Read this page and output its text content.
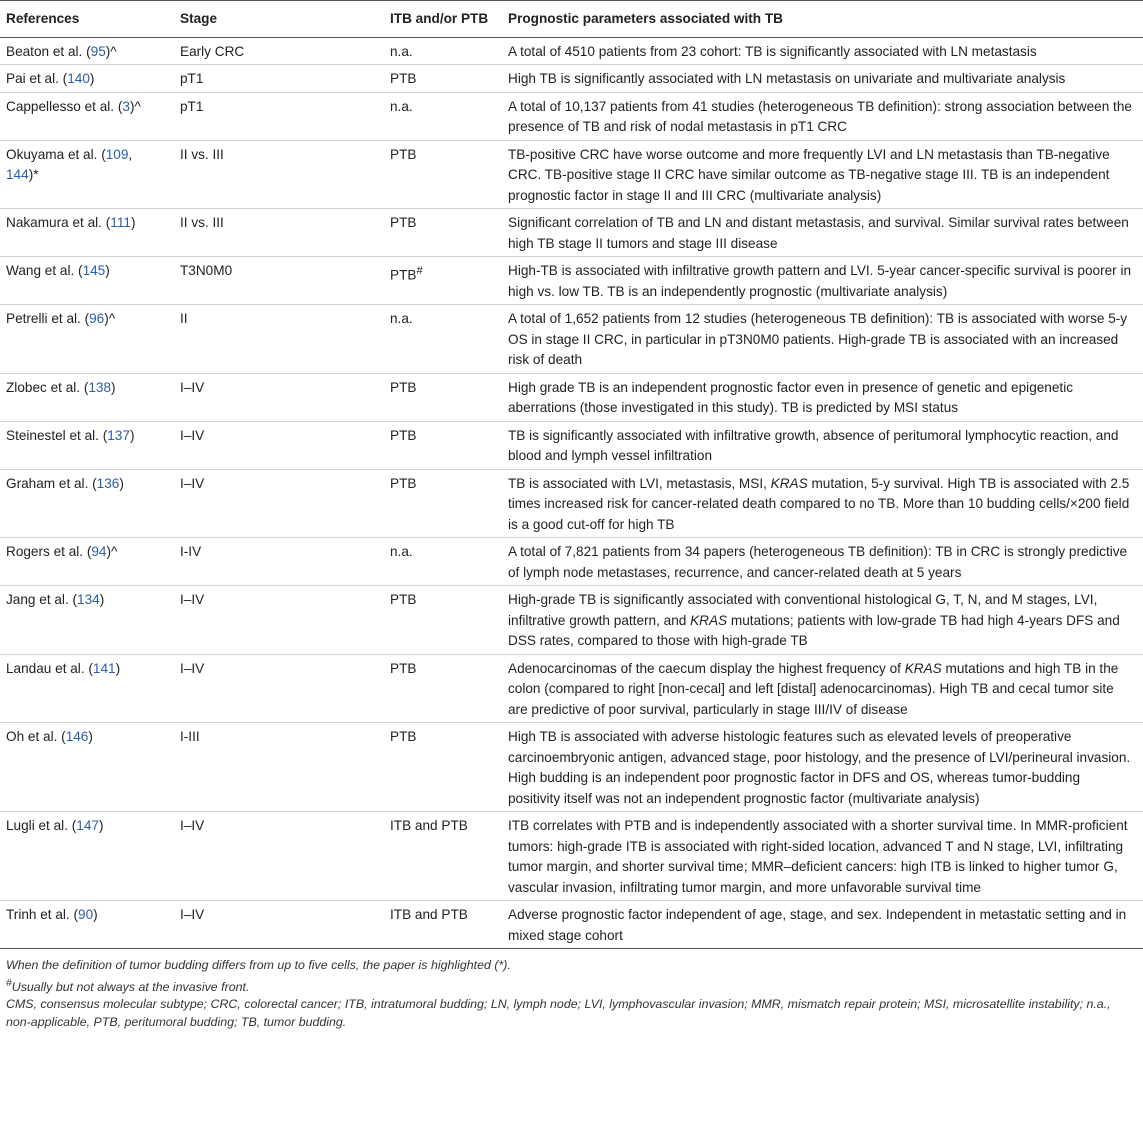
References	Stage	ITB and/or PTB	Prognostic parameters associated with TB
Beaton et al. (95)^	Early CRC	n.a.	A total of 4510 patients from 23 cohort: TB is significantly associated with LN metastasis
Pai et al. (140)	pT1	PTB	High TB is significantly associated with LN metastasis on univariate and multivariate analysis
Cappellesso et al. (3)^	pT1	n.a.	A total of 10,137 patients from 41 studies (heterogeneous TB definition): strong association between the presence of TB and risk of nodal metastasis in pT1 CRC
Okuyama et al. (109, 144)*	II vs. III	PTB	TB-positive CRC have worse outcome and more frequently LVI and LN metastasis than TB-negative CRC. TB-positive stage II CRC have similar outcome as TB-negative stage III. TB is an independent prognostic factor in stage II and III CRC (multivariate analysis)
Nakamura et al. (111)	II vs. III	PTB	Significant correlation of TB and LN and distant metastasis, and survival. Similar survival rates between high TB stage II tumors and stage III disease
Wang et al. (145)	T3N0M0	PTB#	High-TB is associated with infiltrative growth pattern and LVI. 5-year cancer-specific survival is poorer in high vs. low TB. TB is an independently prognostic (multivariate analysis)
Petrelli et al. (96)^	II	n.a.	A total of 1,652 patients from 12 studies (heterogeneous TB definition): TB is associated with worse 5-y OS in stage II CRC, in particular in pT3N0M0 patients. High-grade TB is associated with an increased risk of death
Zlobec et al. (138)	I–IV	PTB	High grade TB is an independent prognostic factor even in presence of genetic and epigenetic aberrations (those investigated in this study). TB is predicted by MSI status
Steinestel et al. (137)	I–IV	PTB	TB is significantly associated with infiltrative growth, absence of peritumoral lymphocytic reaction, and blood and lymph vessel infiltration
Graham et al. (136)	I–IV	PTB	TB is associated with LVI, metastasis, MSI, KRAS mutation, 5-y survival. High TB is associated with 2.5 times increased risk for cancer-related death compared to no TB. More than 10 budding cells/×200 field is a good cut-off for high TB
Rogers et al. (94)^	I-IV	n.a.	A total of 7,821 patients from 34 papers (heterogeneous TB definition): TB in CRC is strongly predictive of lymph node metastases, recurrence, and cancer-related death at 5 years
Jang et al. (134)	I–IV	PTB	High-grade TB is significantly associated with conventional histological G, T, N, and M stages, LVI, infiltrative growth pattern, and KRAS mutations; patients with low-grade TB had high 4-years DFS and DSS rates, compared to those with high-grade TB
Landau et al. (141)	I–IV	PTB	Adenocarcinomas of the caecum display the highest frequency of KRAS mutations and high TB in the colon (compared to right [non-cecal] and left [distal] adenocarcinomas). High TB and cecal tumor site are predictive of poor survival, particularly in stage III/IV of disease
Oh et al. (146)	I-III	PTB	High TB is associated with adverse histologic features such as elevated levels of preoperative carcinoembryonic antigen, advanced stage, poor histology, and the presence of LVI/perineural invasion. High budding is an independent poor prognostic factor in DFS and OS, whereas tumor-budding positivity itself was not an independent prognostic factor (multivariate analysis)
Lugli et al. (147)	I–IV	ITB and PTB	ITB correlates with PTB and is independently associated with a shorter survival time. In MMR-proficient tumors: high-grade ITB is associated with right-sided location, advanced T and N stage, LVI, infiltrating tumor margin, and shorter survival time; MMR–deficient cancers: high ITB is linked to higher tumor G, vascular invasion, infiltrating tumor margin, and more unfavorable survival time
Trinh et al. (90)	I–IV	ITB and PTB	Adverse prognostic factor independent of age, stage, and sex. Independent in metastatic setting and in mixed stage cohort

When the definition of tumor budding differs from up to five cells, the paper is highlighted (*).

#Usually but not always at the invasive front.

CMS, consensus molecular subtype; CRC, colorectal cancer; ITB, intratumoral budding; LN, lymph node; LVI, lymphovascular invasion; MMR, mismatch repair protein; MSI, microsatellite instability; n.a., non-applicable, PTB, peritumoral budding; TB, tumor budding.
